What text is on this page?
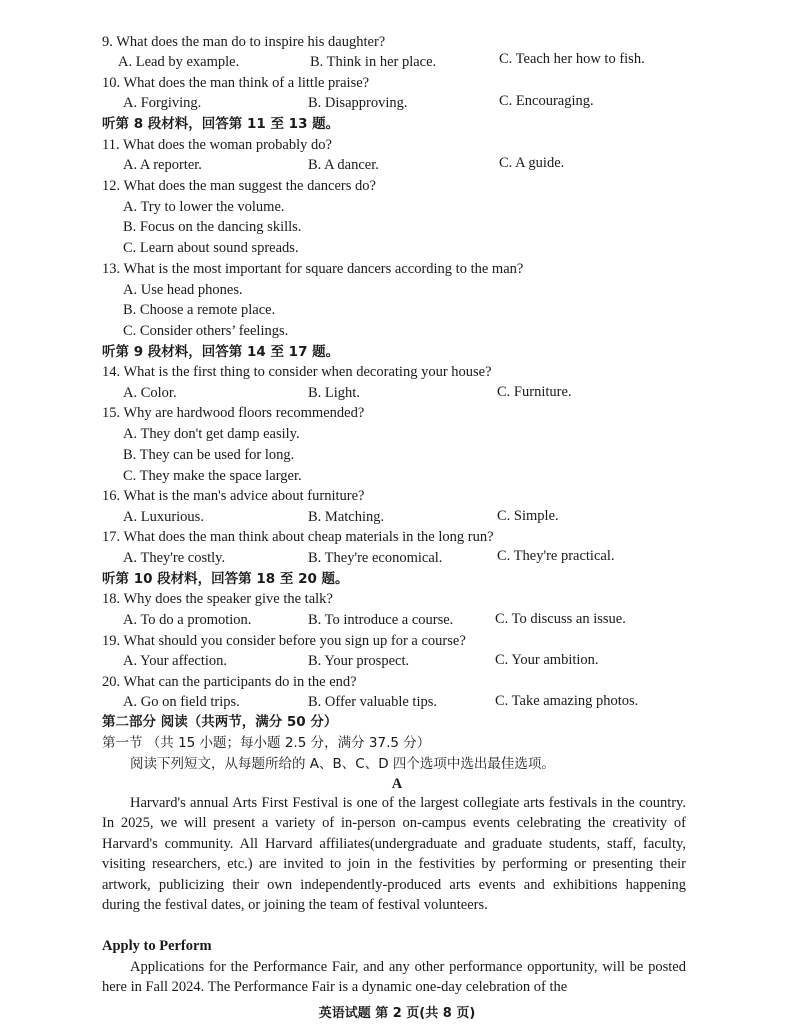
9. What does the man do to inspire his daughter?
A. Lead by example.	B. Think in her place.	C. Teach her how to fish.
10. What does the man think of a little praise?
A. Forgiving.	B. Disapproving.	C. Encouraging.
听第 8 段材料，回答第 11 至 13 题。
11. What does the woman probably do?
A. A reporter.	B. A dancer.	C. A guide.
12. What does the man suggest the dancers do?
A. Try to lower the volume.
B. Focus on the dancing skills.
C. Learn about sound spreads.
13. What is the most important for square dancers according to the man?
A. Use head phones.
B. Choose a remote place.
C. Consider others’ feelings.
听第 9 段材料，回答第 14 至 17 题。
14. What is the first thing to consider when decorating your house?
A. Color.	B. Light.	C. Furniture.
15. Why are hardwood floors recommended?
A. They don't get damp easily.
B. They can be used for long.
C. They make the space larger.
16. What is the man's advice about furniture?
A. Luxurious.	B. Matching.	C. Simple.
17. What does the man think about cheap materials in the long run?
A. They're costly.	B. They're economical.	C. They're practical.
听第 10 段材料，回答第 18 至 20 题。
18. Why does the speaker give the talk?
A. To do a promotion.	B. To introduce a course.	C. To discuss an issue.
19. What should you consider before you sign up for a course?
A. Your affection.	B. Your prospect.	C. Your ambition.
20. What can the participants do in the end?
A. Go on field trips.	B. Offer valuable tips.	C. Take amazing photos.
第二部分 阅读（共两节，满分 50 分）
第一节 （共 15 小题；每小题 2.5 分，满分 37.5 分）
阅读下列短文，从每题所给的 A、B、C、D 四个选项中选出最佳选项。
A

Harvard's annual Arts First Festival is one of the largest collegiate arts festivals in the country. In 2025, we will present a variety of in-person on-campus events celebrating the creativity of Harvard's community. All Harvard affiliates(undergraduate and graduate students, staff, faculty, visiting researchers, etc.) are invited to join in the festivities by performing or presenting their artwork, publicizing their own independently-produced arts events and exhibitions happening during the festival dates, or joining the team of festival volunteers.

Apply to Perform

Applications for the Performance Fair, and any other performance opportunity, will be posted here in Fall 2024. The Performance Fair is a dynamic one-day celebration of the

英语试题 第 2 页(共 8 页)
